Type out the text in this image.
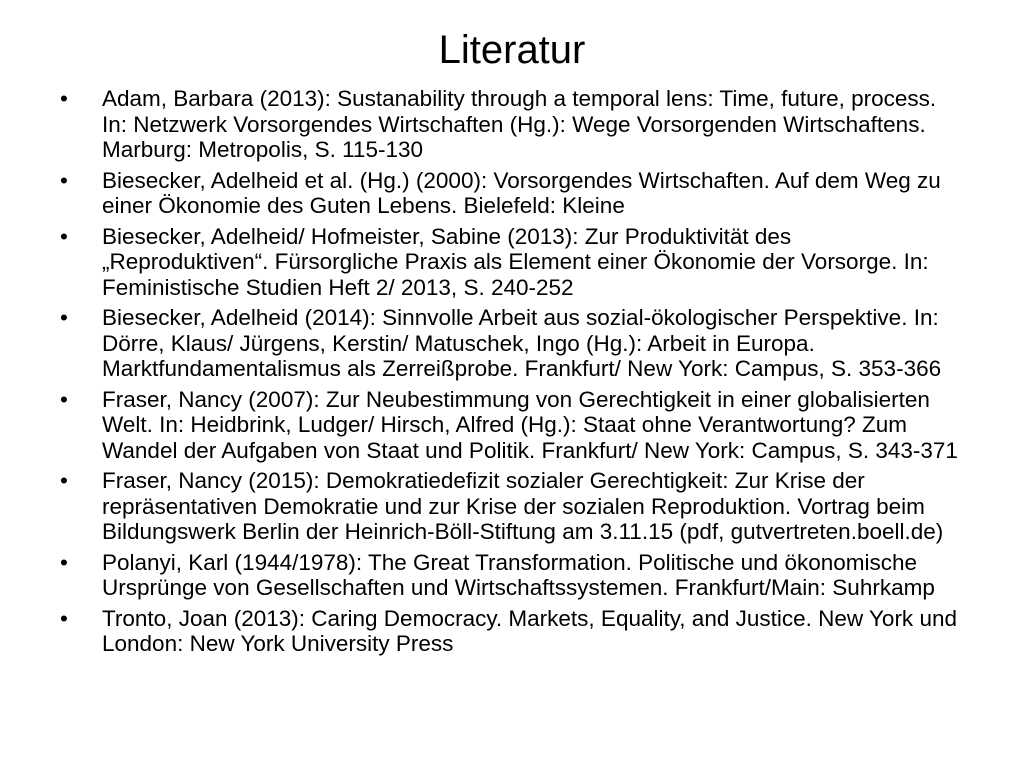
Literatur
•	Adam, Barbara (2013): Sustanability through a temporal lens: Time, future, process. In: Netzwerk Vorsorgendes Wirtschaften (Hg.): Wege Vorsorgenden Wirtschaftens. Marburg: Metropolis, S. 115-130
•	Biesecker, Adelheid et al. (Hg.) (2000): Vorsorgendes Wirtschaften. Auf dem Weg zu einer Ökonomie des Guten Lebens. Bielefeld: Kleine
•	Biesecker, Adelheid/ Hofmeister, Sabine (2013): Zur Produktivität des „Reproduktiven“. Fürsorgliche Praxis als Element einer Ökonomie der Vorsorge. In: Feministische Studien Heft 2/ 2013, S. 240-252
•	Biesecker, Adelheid (2014): Sinnvolle Arbeit aus sozial-ökologischer Perspektive. In: Dörre, Klaus/ Jürgens, Kerstin/ Matuschek, Ingo (Hg.): Arbeit in Europa. Marktfundamentalismus als Zerreißprobe. Frankfurt/ New York: Campus, S. 353-366
•	Fraser, Nancy (2007): Zur Neubestimmung von Gerechtigkeit in einer globalisierten Welt. In: Heidbrink, Ludger/ Hirsch, Alfred (Hg.): Staat ohne Verantwortung? Zum Wandel der Aufgaben von Staat und Politik. Frankfurt/ New York: Campus, S. 343-371
•	Fraser, Nancy (2015): Demokratiedefizit sozialer Gerechtigkeit: Zur Krise der repräsentativen Demokratie und zur Krise der sozialen Reproduktion. Vortrag beim Bildungswerk Berlin der Heinrich-Böll-Stiftung am 3.11.15 (pdf, gutvertreten.boell.de)
•	Polanyi, Karl (1944/1978): The Great Transformation. Politische und ökonomische Ursprünge von Gesellschaften und Wirtschaftssystemen. Frankfurt/Main: Suhrkamp
•	Tronto, Joan (2013): Caring Democracy. Markets, Equality, and Justice. New York und London: New York University Press
